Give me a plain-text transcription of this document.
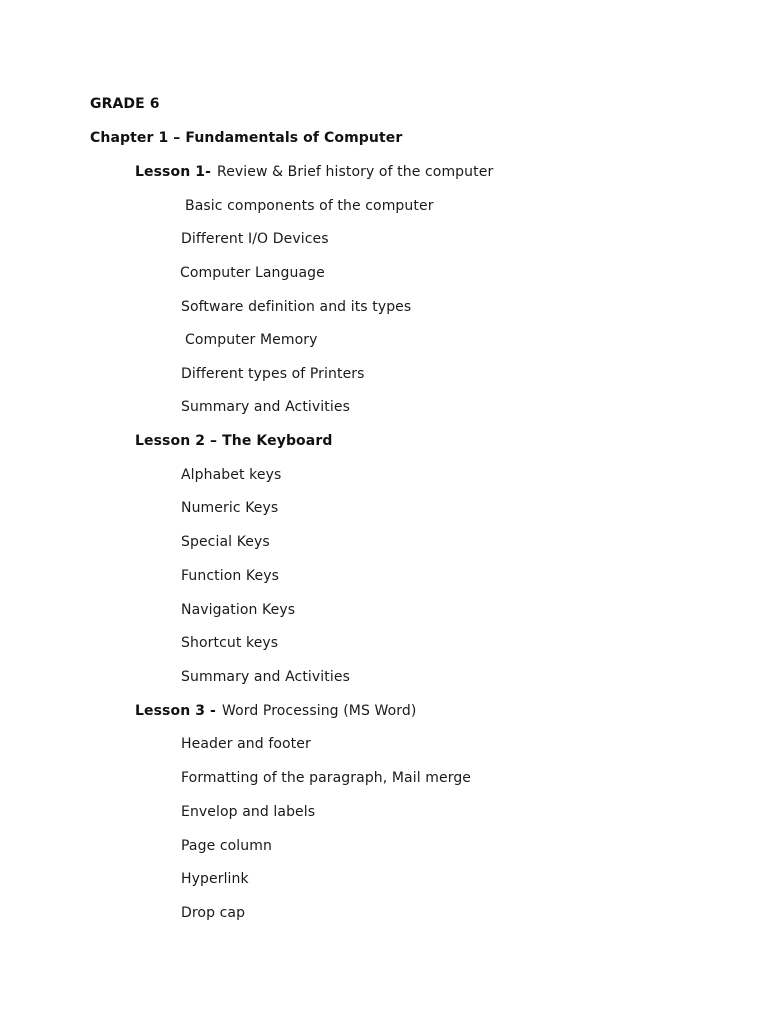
GRADE 6
Chapter 1 – Fundamentals of Computer
Lesson 1- Review & Brief history of the computer
Basic components of the computer
Different I/O Devices
Computer Language
Software definition and its types
Computer Memory
Different types of Printers
Summary and Activities
Lesson 2 – The Keyboard
Alphabet keys
Numeric Keys
Special Keys
Function Keys
Navigation Keys
Shortcut keys
Summary and Activities
Lesson 3 - Word Processing (MS Word)
Header and footer
Formatting of the paragraph, Mail merge
Envelop and labels
Page column
Hyperlink
Drop cap
